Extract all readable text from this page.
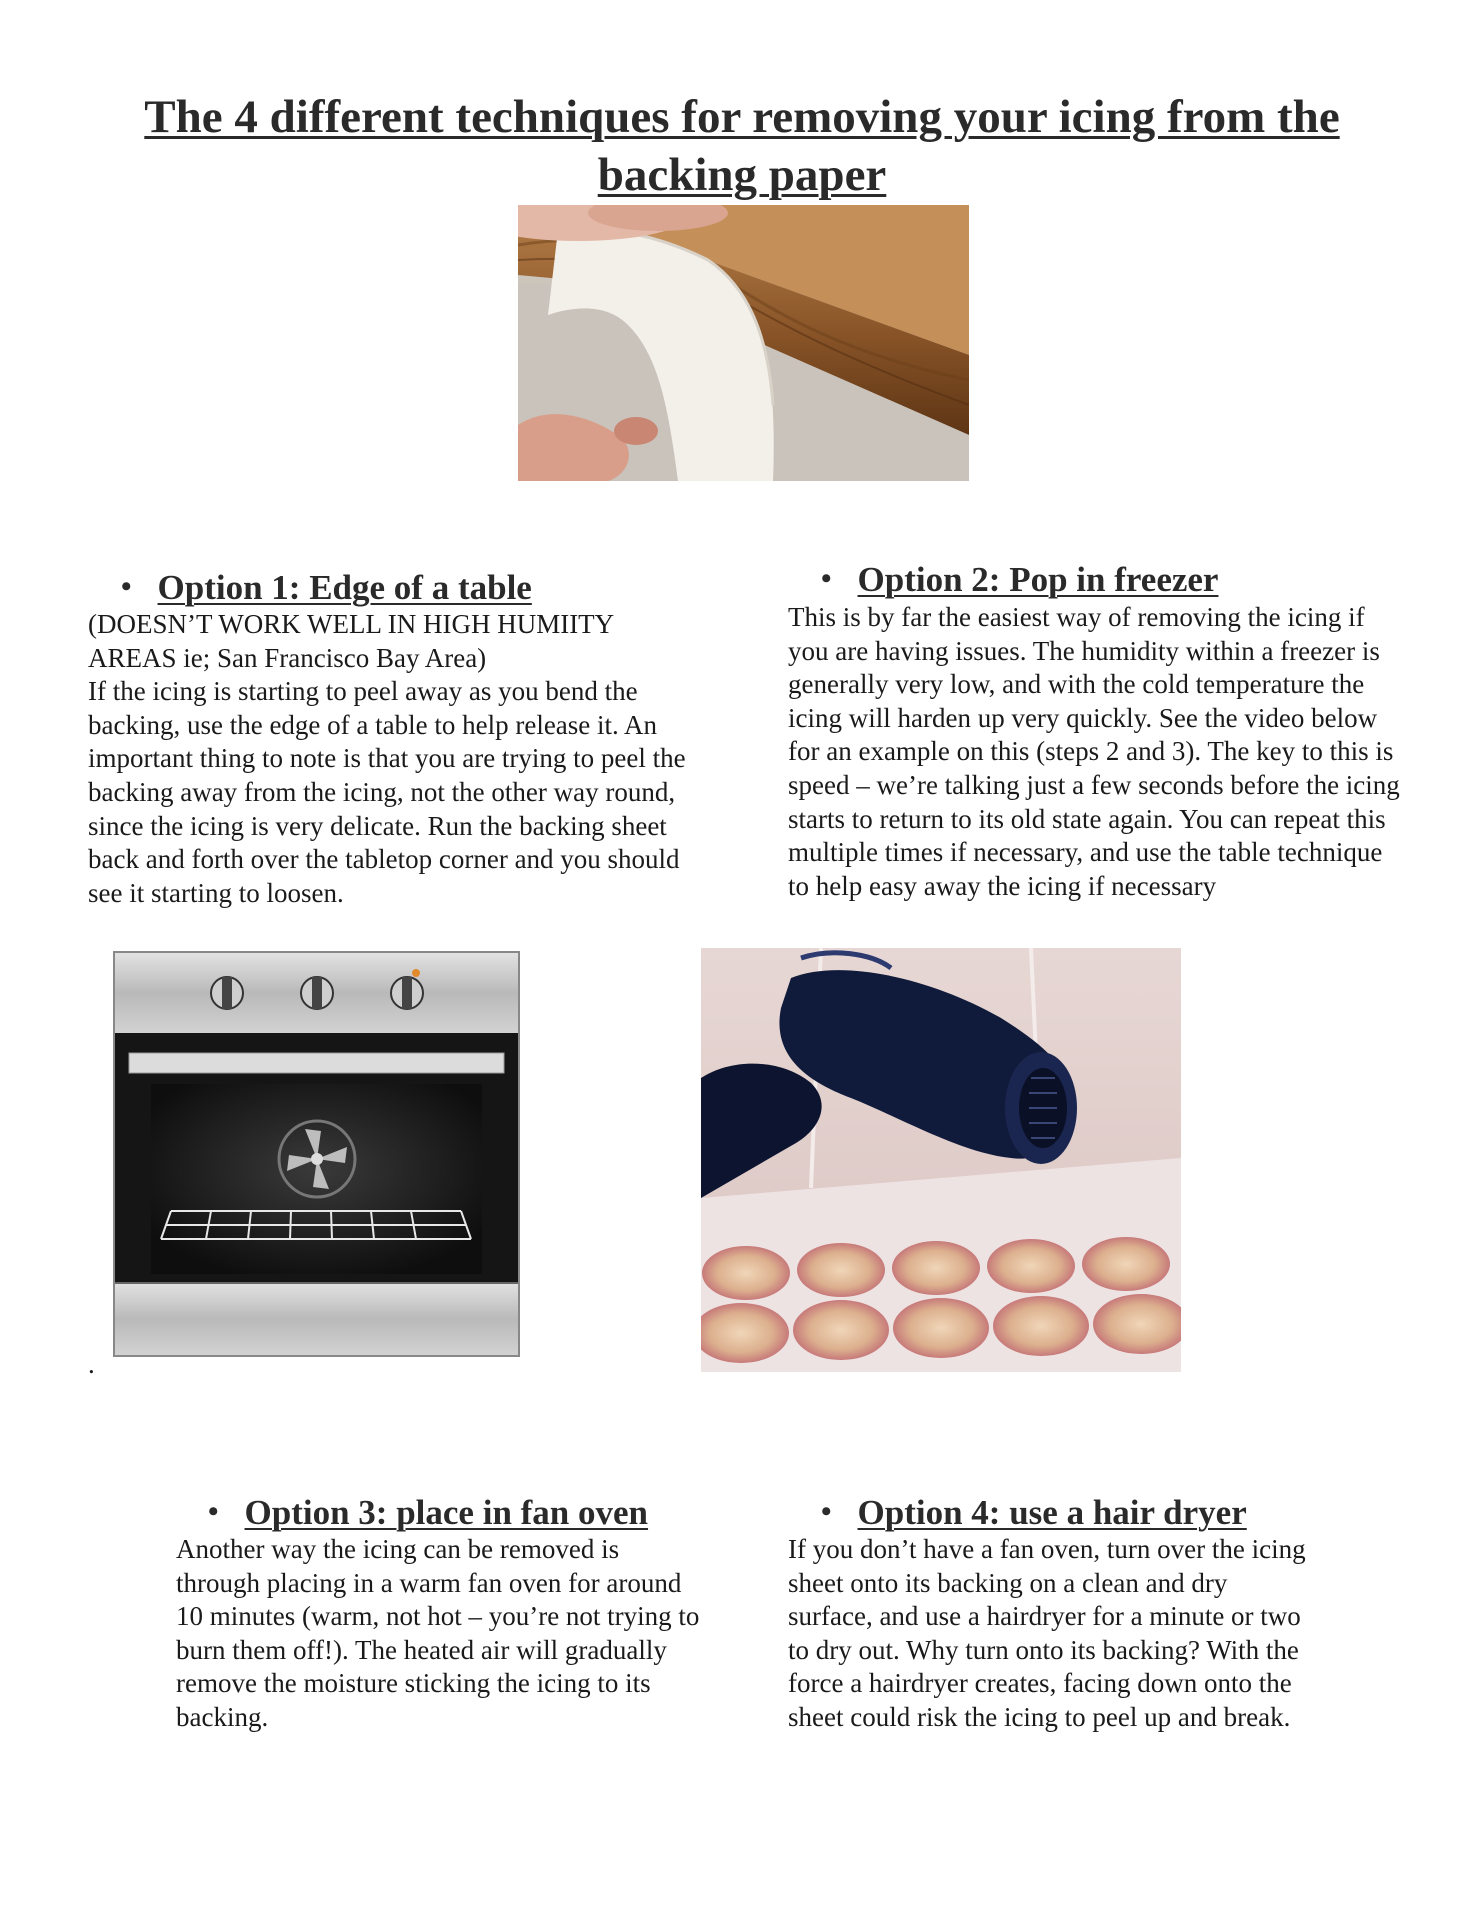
The 4 different techniques for removing your icing from the backing paper
• Option 1: Edge of a table

(DOESN’T WORK WELL IN HIGH HUMIITY AREAS ie; San Francisco Bay Area)

If the icing is starting to peel away as you bend the backing, use the edge of a table to help release it. An important thing to note is that you are trying to peel the backing away from the icing, not the other way round, since the icing is very delicate. Run the backing sheet back and forth over the tabletop corner and you should see it starting to loosen.

• Option 2: Pop in freezer

This is by far the easiest way of removing the icing if you are having issues. The humidity within a freezer is generally very low, and with the cold temperature the icing will harden up very quickly. See the video below for an example on this (steps 2 and 3). The key to this is speed – we’re talking just a few seconds before the icing starts to return to its old state again. You can repeat this multiple times if necessary, and use the table technique to help easy away the icing if necessary

.
• Option 3: place in fan oven

Another way the icing can be removed is through placing in a warm fan oven for around 10 minutes (warm, not hot – you’re not trying to burn them off!). The heated air will gradually remove the moisture sticking the icing to its backing.

• Option 4: use a hair dryer

If you don’t have a fan oven, turn over the icing sheet onto its backing on a clean and dry surface, and use a hairdryer for a minute or two to dry out. Why turn onto its backing? With the force a hairdryer creates, facing down onto the sheet could risk the icing to peel up and break.
